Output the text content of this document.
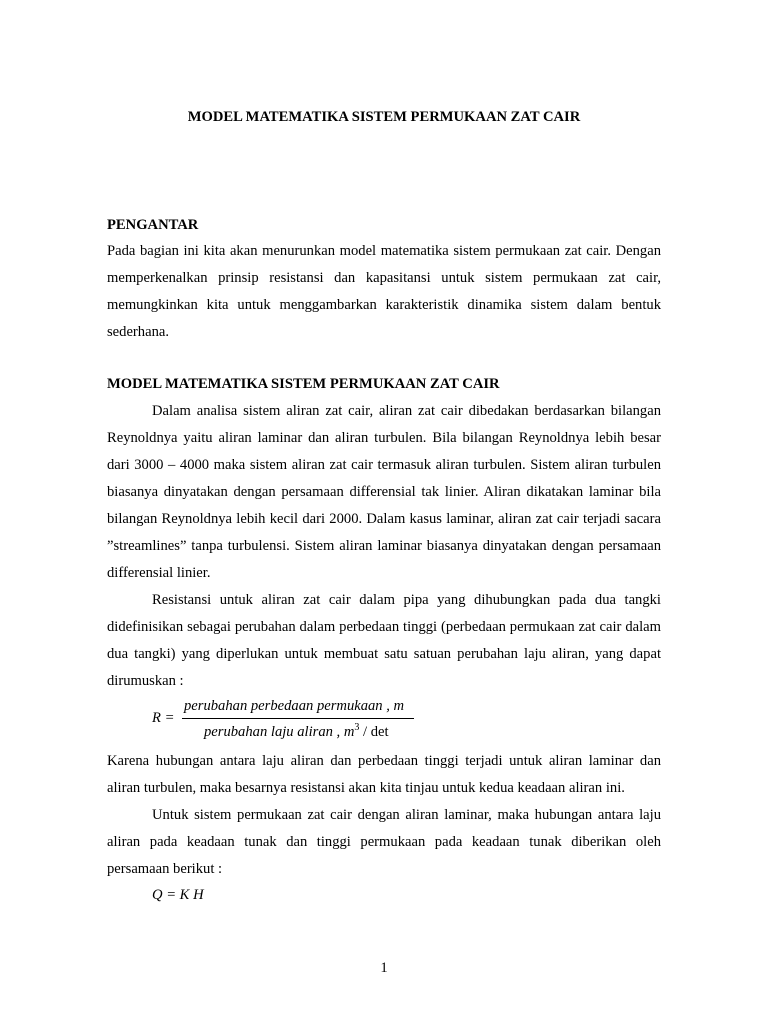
MODEL MATEMATIKA SISTEM PERMUKAAN ZAT CAIR
PENGANTAR

Pada bagian ini kita akan menurunkan model matematika sistem permukaan zat cair. Dengan memperkenalkan prinsip resistansi dan kapasitansi untuk sistem permukaan zat cair, memungkinkan kita untuk menggambarkan karakteristik dinamika sistem dalam bentuk sederhana.

MODEL MATEMATIKA SISTEM PERMUKAAN ZAT CAIR

Dalam analisa sistem aliran zat cair, aliran zat cair dibedakan berdasarkan bilangan Reynoldnya yaitu aliran laminar dan aliran turbulen. Bila bilangan Reynoldnya lebih besar dari 3000 – 4000 maka sistem aliran zat cair termasuk aliran turbulen. Sistem aliran turbulen biasanya dinyatakan dengan persamaan differensial tak linier. Aliran dikatakan laminar bila bilangan Reynoldnya lebih kecil dari 2000. Dalam kasus laminar, aliran zat cair terjadi sacara ”streamlines” tanpa turbulensi. Sistem aliran laminar biasanya dinyatakan dengan persamaan differensial linier.

Resistansi untuk aliran zat cair dalam pipa yang dihubungkan pada dua tangki didefinisikan sebagai perubahan dalam perbedaan tinggi (perbedaan permukaan zat cair dalam dua tangki) yang diperlukan untuk membuat satu satuan perubahan laju aliran, yang dapat dirumuskan :

R =
perubahan perbedaan permukaan , m
perubahan laju aliran , $m^3$ / det

Karena hubungan antara laju aliran dan perbedaan tinggi terjadi untuk aliran laminar dan aliran turbulen, maka besarnya resistansi akan kita tinjau untuk kedua keadaan aliran ini.

Untuk sistem permukaan zat cair dengan aliran laminar, maka hubungan antara laju aliran pada keadaan tunak dan tinggi permukaan pada keadaan tunak diberikan oleh persamaan berikut :

Q = K H

1
